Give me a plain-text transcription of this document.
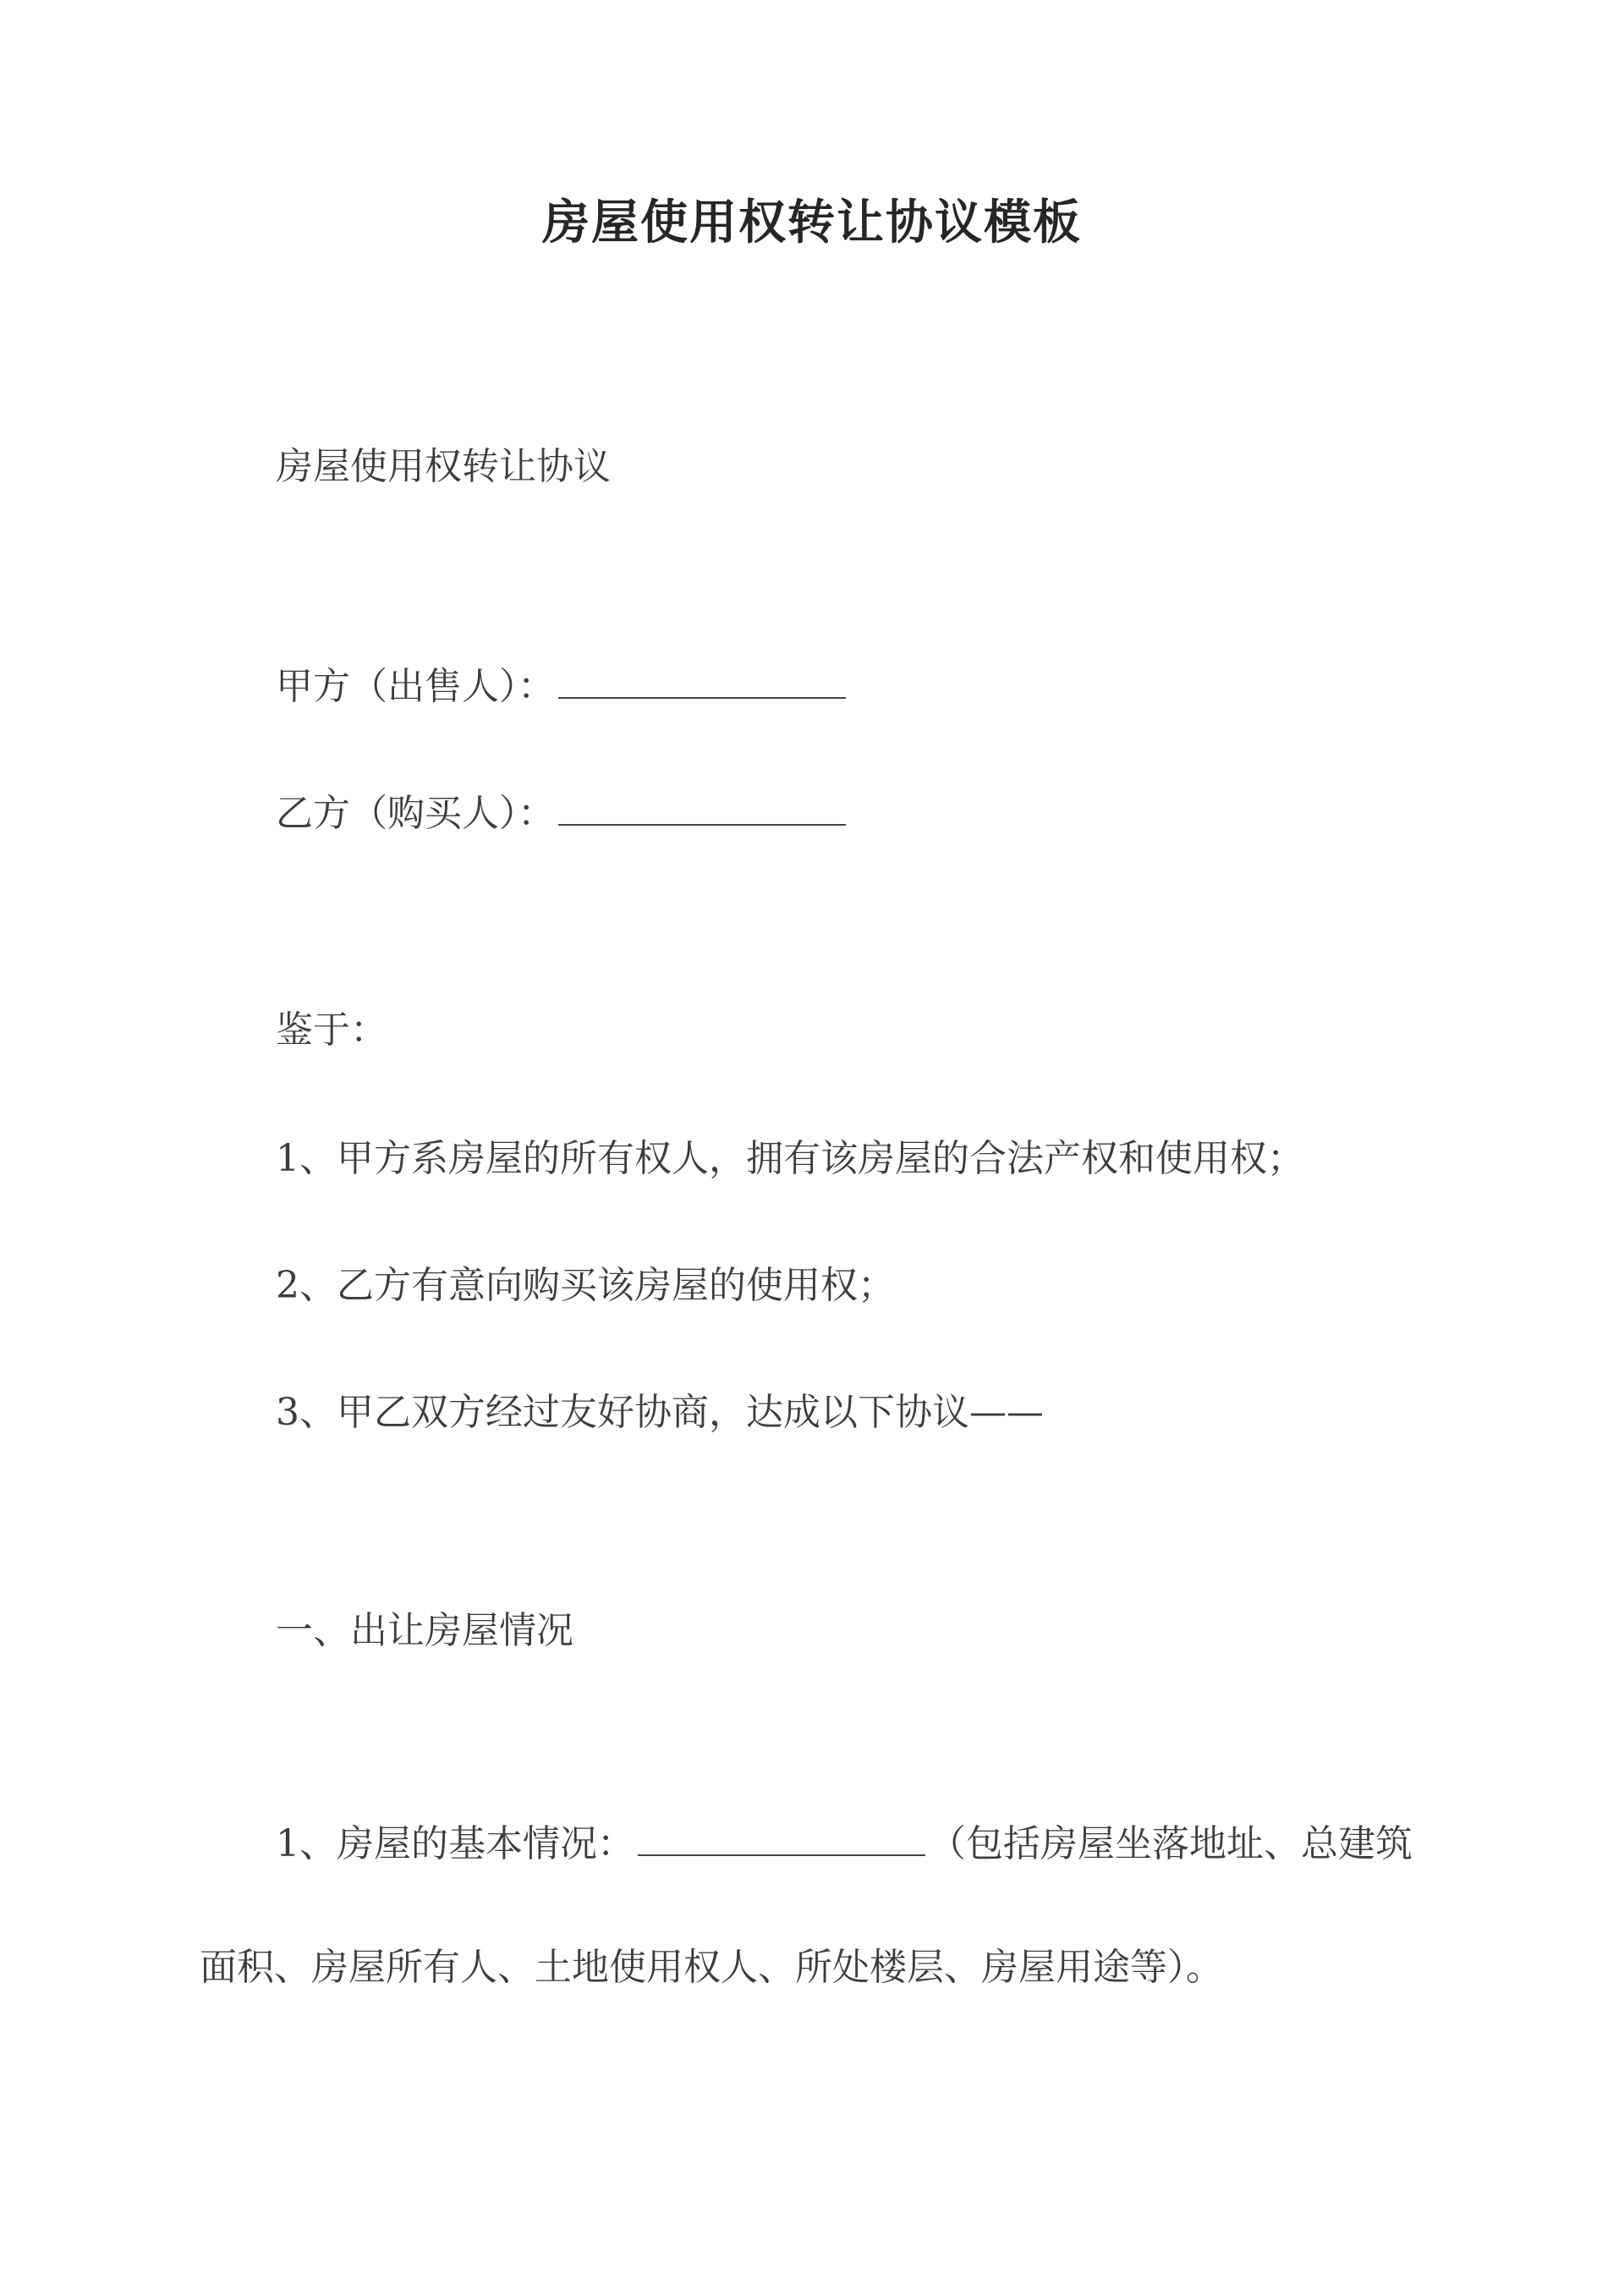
房屋使用权转让协议模板

房屋使用权转让协议

甲方（出售人）：

乙方（购买人）：

鉴于：

1、甲方系房屋的所有权人，拥有该房屋的合法产权和使用权；

2、乙方有意向购买该房屋的使用权；

3、甲乙双方经过友好协商，达成以下协议——

一、出让房屋情况

1、房屋的基本情况：	（包括房屋坐落地址、总建筑

面积、房屋所有人、土地使用权人、所处楼层、房屋用途等）。
